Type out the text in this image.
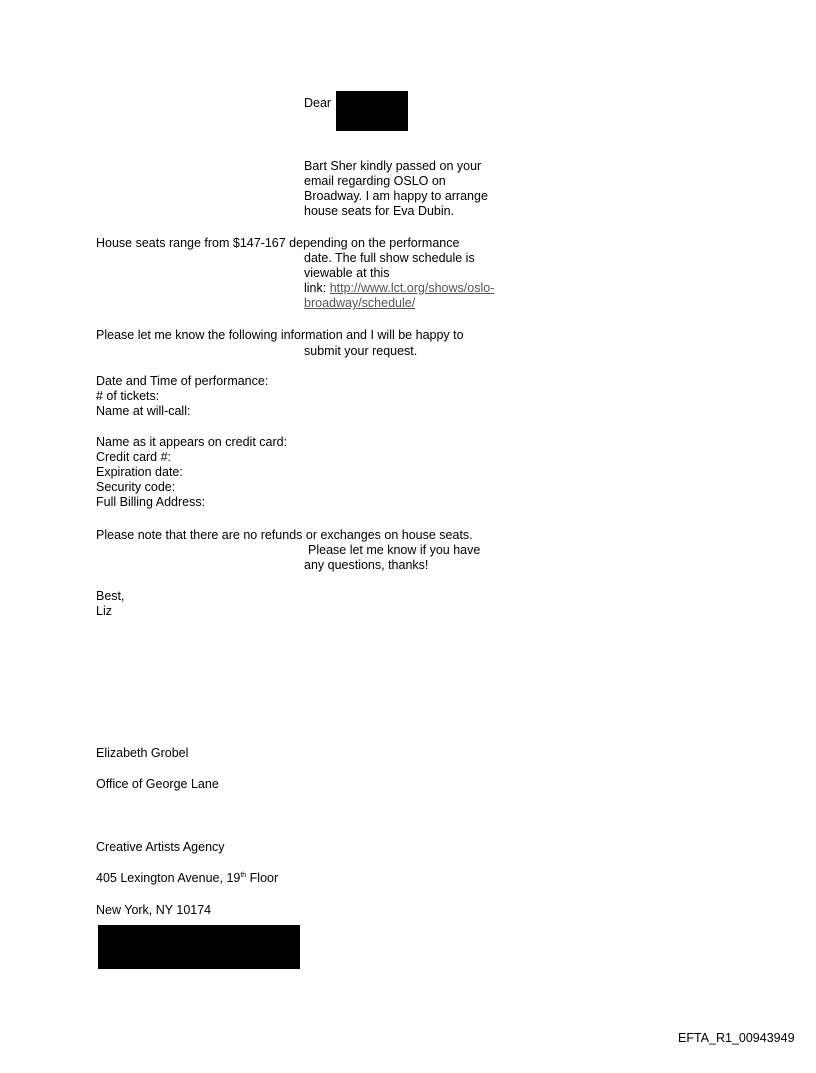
Dear
Bart Sher kindly passed on your
email regarding OSLO on
Broadway. I am happy to arrange
house seats for Eva Dubin.
House seats range from $147-167 depending on the performance
date. The full show schedule is
viewable at this
link: http://www.lct.org/shows/oslo-
broadway/schedule/
Please let me know the following information and I will be happy to
submit your request.
Date and Time of performance:
# of tickets:
Name at will-call:
Name as it appears on credit card:
Credit card #:
Expiration date:
Security code:
Full Billing Address:
Please note that there are no refunds or exchanges on house seats.
Please let me know if you have
any questions, thanks!
Best,
Liz
Elizabeth Grobel
Office of George Lane
Creative Artists Agency
405 Lexington Avenue, 19th Floor
New York, NY 10174
EFTA_R1_00943949
